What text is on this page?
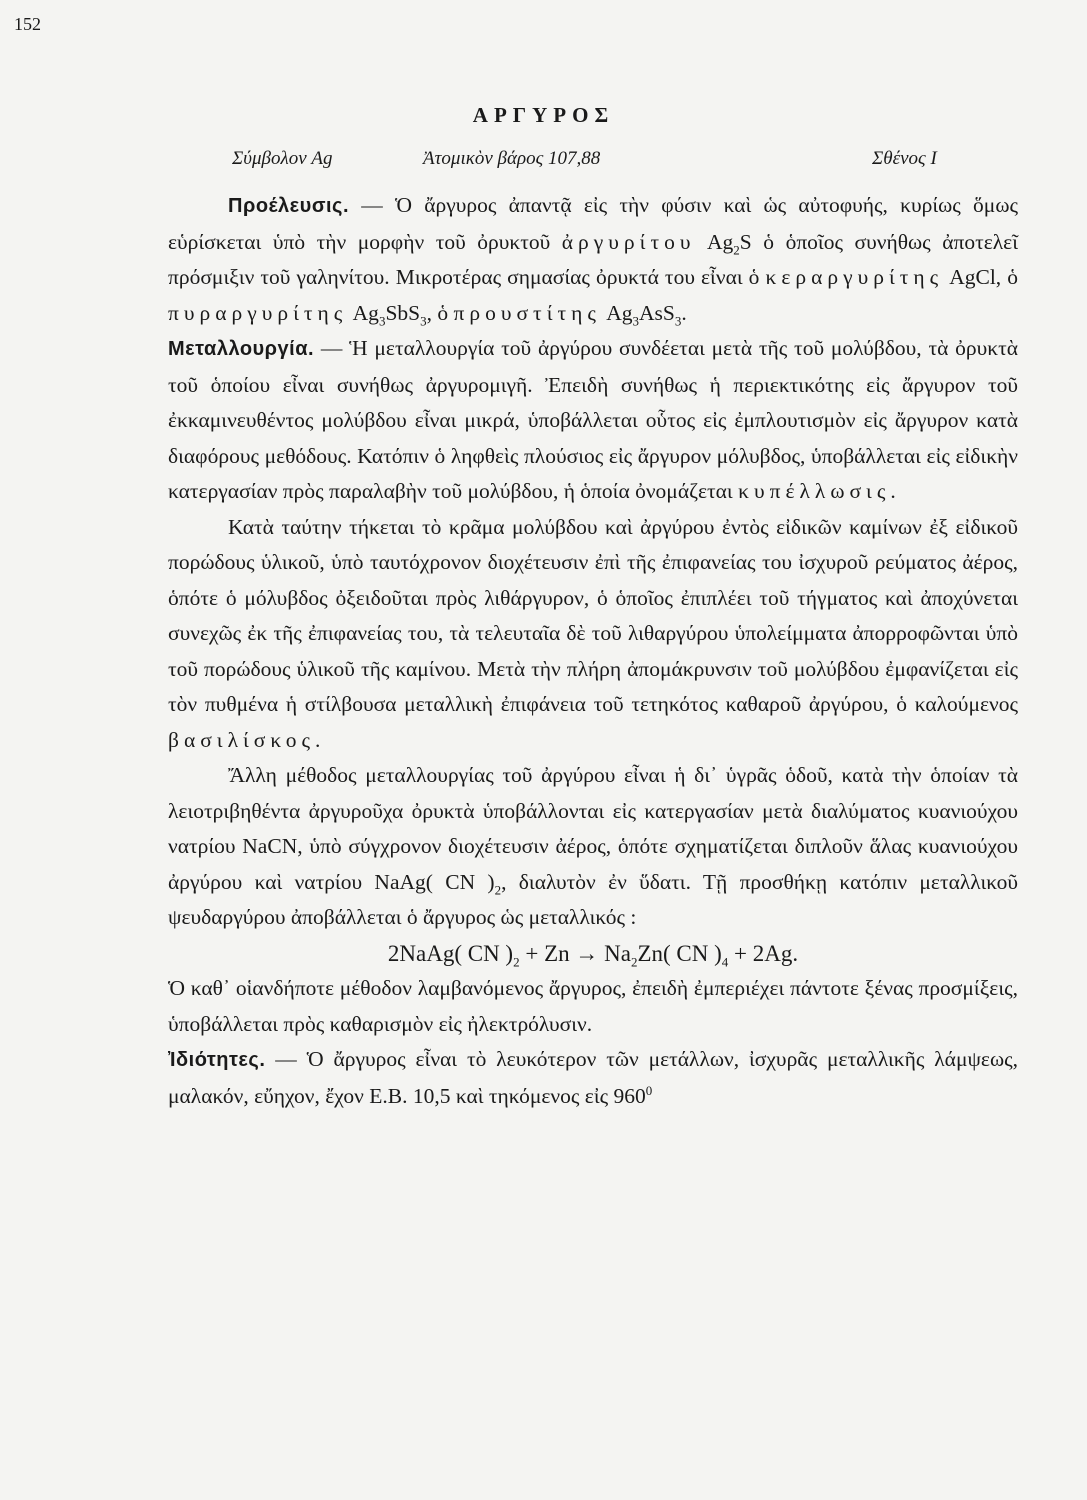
152
ΑΡΓΥΡΟΣ
Σύμβολον Ag	Ἀτομικὸν βάρος 107,88	Σθένος I

Προέλευσις. — Ὁ ἄργυρος ἀπαντᾷ εἰς τὴν φύσιν καὶ ὡς αὐτοφυής, κυρίως ὅμως εὑρίσκεται ὑπὸ τὴν μορφὴν τοῦ ὀρυκτοῦ ἀργυρίτου $Ag_2S$ ὁ ὁποῖος συνήθως ἀποτελεῖ πρόσμιξιν τοῦ γαληνίτου. Μικροτέρας σημασίας ὀρυκτά του εἶναι ὁ κεραργυρίτης AgCl, ὁ πυραργυρίτης $Ag_3SbS_3$, ὁ προυστίτης $Ag_3AsS_3$.

Μεταλλουργία. — Ἡ μεταλλουργία τοῦ ἀργύρου συνδέεται μετὰ τῆς τοῦ μολύβδου, τὰ ὀρυκτὰ τοῦ ὁποίου εἶναι συνήθως ἀργυρομιγῆ. Ἐπειδὴ συνήθως ἡ περιεκτικότης εἰς ἄργυρον τοῦ ἐκκαμινευθέντος μολύβδου εἶναι μικρά, ὑποβάλλεται οὗτος εἰς ἐμπλουτισμὸν εἰς ἄργυρον κατὰ διαφόρους μεθόδους. Κατόπιν ὁ ληφθεὶς πλούσιος εἰς ἄργυρον μόλυβδος, ὑποβάλλεται εἰς εἰδικὴν κατεργασίαν πρὸς παραλαβὴν τοῦ μολύβδου, ἡ ὁποία ὀνομάζεται κυπέλλωσις.

Κατὰ ταύτην τήκεται τὸ κρᾶμα μολύβδου καὶ ἀργύρου ἐντὸς εἰδικῶν καμίνων ἐξ εἰδικοῦ πορώδους ὑλικοῦ, ὑπὸ ταυτόχρονον διοχέτευσιν ἐπὶ τῆς ἐπιφανείας του ἰσχυροῦ ρεύματος ἀέρος, ὁπότε ὁ μόλυβδος ὀξειδοῦται πρὸς λιθάργυρον, ὁ ὁποῖος ἐπιπλέει τοῦ τήγματος καὶ ἀποχύνεται συνεχῶς ἐκ τῆς ἐπιφανείας του, τὰ τελευταῖα δὲ τοῦ λιθαργύρου ὑπολείμματα ἀπορροφῶνται ὑπὸ τοῦ πορώδους ὑλικοῦ τῆς καμίνου. Μετὰ τὴν πλήρη ἀπομάκρυνσιν τοῦ μολύβδου ἐμφανίζεται εἰς τὸν πυθμένα ἡ στίλβουσα μεταλλικὴ ἐπιφάνεια τοῦ τετηκότος καθαροῦ ἀργύρου, ὁ καλούμενος βασιλίσκος.

Ἄλλη μέθοδος μεταλλουργίας τοῦ ἀργύρου εἶναι ἡ δι᾿ ὑγρᾶς ὁδοῦ, κατὰ τὴν ὁποίαν τὰ λειοτριβηθέντα ἀργυροῦχα ὀρυκτὰ ὑποβάλλονται εἰς κατεργασίαν μετὰ διαλύματος κυανιούχου νατρίου NaCN, ὑπὸ σύγχρονον διοχέτευσιν ἀέρος, ὁπότε σχηματίζεται διπλοῦν ἅλας κυανιούχου ἀργύρου καὶ νατρίου NaAg( CN )$_2$, διαλυτὸν ἐν ὕδατι. Τῇ προσθήκῃ κατόπιν μεταλλικοῦ ψευδαργύρου ἀποβάλλεται ὁ ἄργυρος ὡς μεταλλικός :

2NaAg( CN )$_2 + Zn \to Na_2Zn$( CN )$_4 + 2Ag$.

Ὁ καθ᾿ οἱανδήποτε μέθοδον λαμβανόμενος ἄργυρος, ἐπειδὴ ἐμπεριέχει πάντοτε ξένας προσμίξεις, ὑποβάλλεται πρὸς καθαρισμὸν εἰς ἠλεκτρόλυσιν.

Ἰδιότητες. — Ὁ ἄργυρος εἶναι τὸ λευκότερον τῶν μετάλλων, ἰσχυρᾶς μεταλλικῆς λάμψεως, μαλακόν, εὔηχον, ἔχον Ε.Β. 10,5 καὶ τηκόμενος εἰς $960^0$
